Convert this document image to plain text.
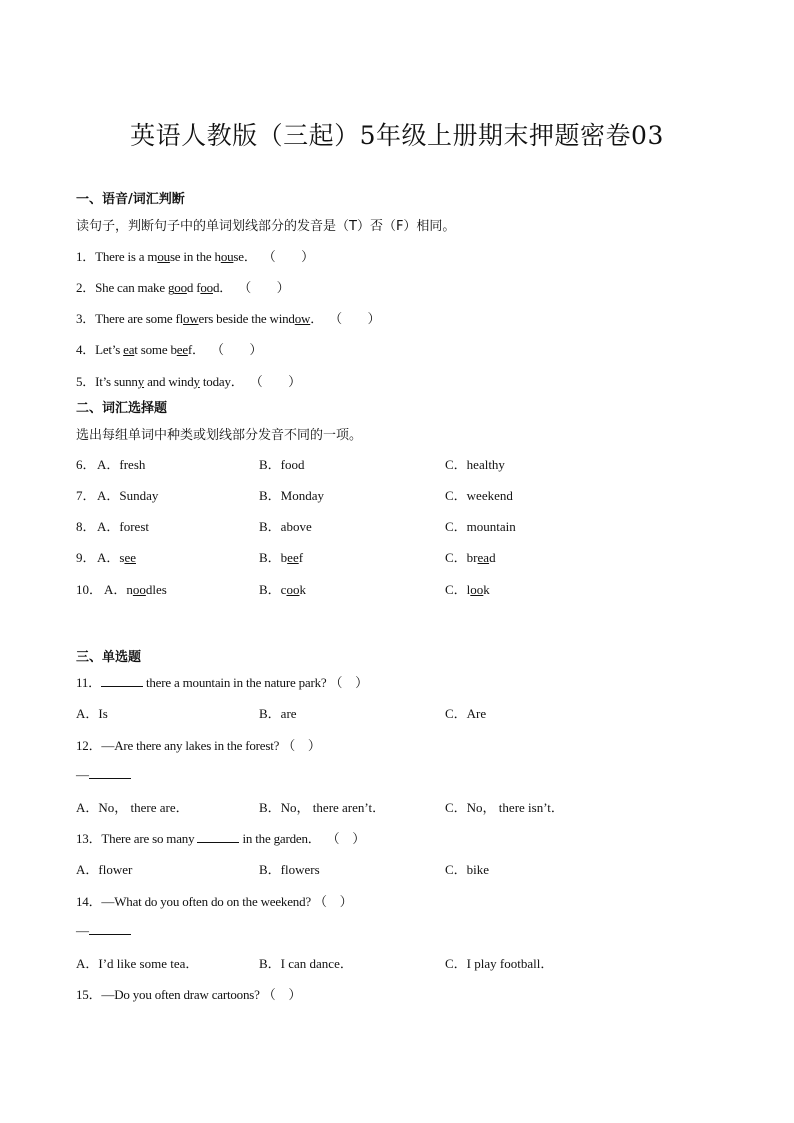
英语人教版（三起）5年级上册期末押题密卷03
一、语音/词汇判断
读句子，判断句子中的单词划线部分的发音是（T）否（F）相同。
1．There is a mouse in the house． （　　）
2．She can make good food． （　　）
3．There are some flowers beside the window． （　　）
4．Let’s eat some beef． （　　）
5．It’s sunny and windy today． （　　）
二、词汇选择题
选出每组单词中种类或划线部分发音不同的一项。
6． A．fresh	B．food	C．healthy
7． A．Sunday	B．Monday	C．weekend
8． A．forest	B．above	C．mountain
9． A．see	B．beef	C．bread
10． A．noodles	B．cook	C．look
三、单选题
11．	there a mountain in the nature park? （　）
A．Is	B．are	C．Are
12．—Are there any lakes in the forest? （　）
—
A．No， there are．	B．No， there aren’t．	C．No， there isn’t．
13．There are so many	in the garden． （　）
A．flower	B．flowers	C．bike
14．—What do you often do on the weekend? （　）
—
A．I’d like some tea．	B．I can dance．	C．I play football．
15．—Do you often draw cartoons? （　）
